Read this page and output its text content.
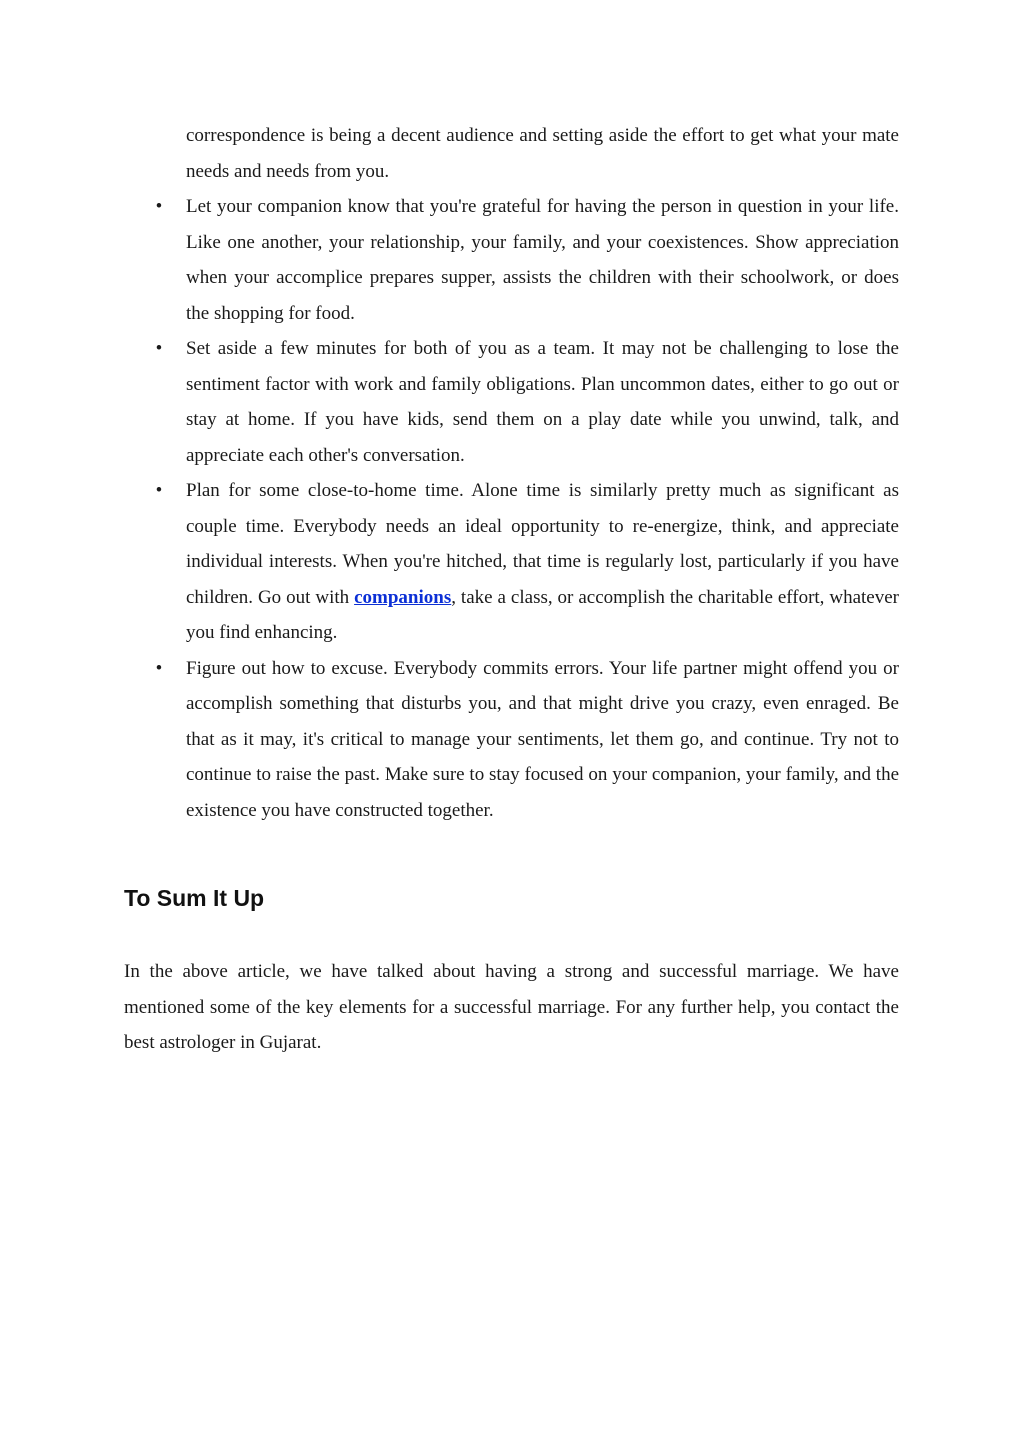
correspondence is being a decent audience and setting aside the effort to get what your mate needs and needs from you.

• Let your companion know that you're grateful for having the person in question in your life. Like one another, your relationship, your family, and your coexistences. Show appreciation when your accomplice prepares supper, assists the children with their schoolwork, or does the shopping for food.
• Set aside a few minutes for both of you as a team. It may not be challenging to lose the sentiment factor with work and family obligations. Plan uncommon dates, either to go out or stay at home. If you have kids, send them on a play date while you unwind, talk, and appreciate each other's conversation.
• Plan for some close-to-home time. Alone time is similarly pretty much as significant as couple time. Everybody needs an ideal opportunity to re-energize, think, and appreciate individual interests. When you're hitched, that time is regularly lost, particularly if you have children. Go out with companions, take a class, or accomplish the charitable effort, whatever you find enhancing.
• Figure out how to excuse. Everybody commits errors. Your life partner might offend you or accomplish something that disturbs you, and that might drive you crazy, even enraged. Be that as it may, it's critical to manage your sentiments, let them go, and continue. Try not to continue to raise the past. Make sure to stay focused on your companion, your family, and the existence you have constructed together.
To Sum It Up

In the above article, we have talked about having a strong and successful marriage. We have mentioned some of the key elements for a successful marriage. For any further help, you contact the best astrologer in Gujarat.
